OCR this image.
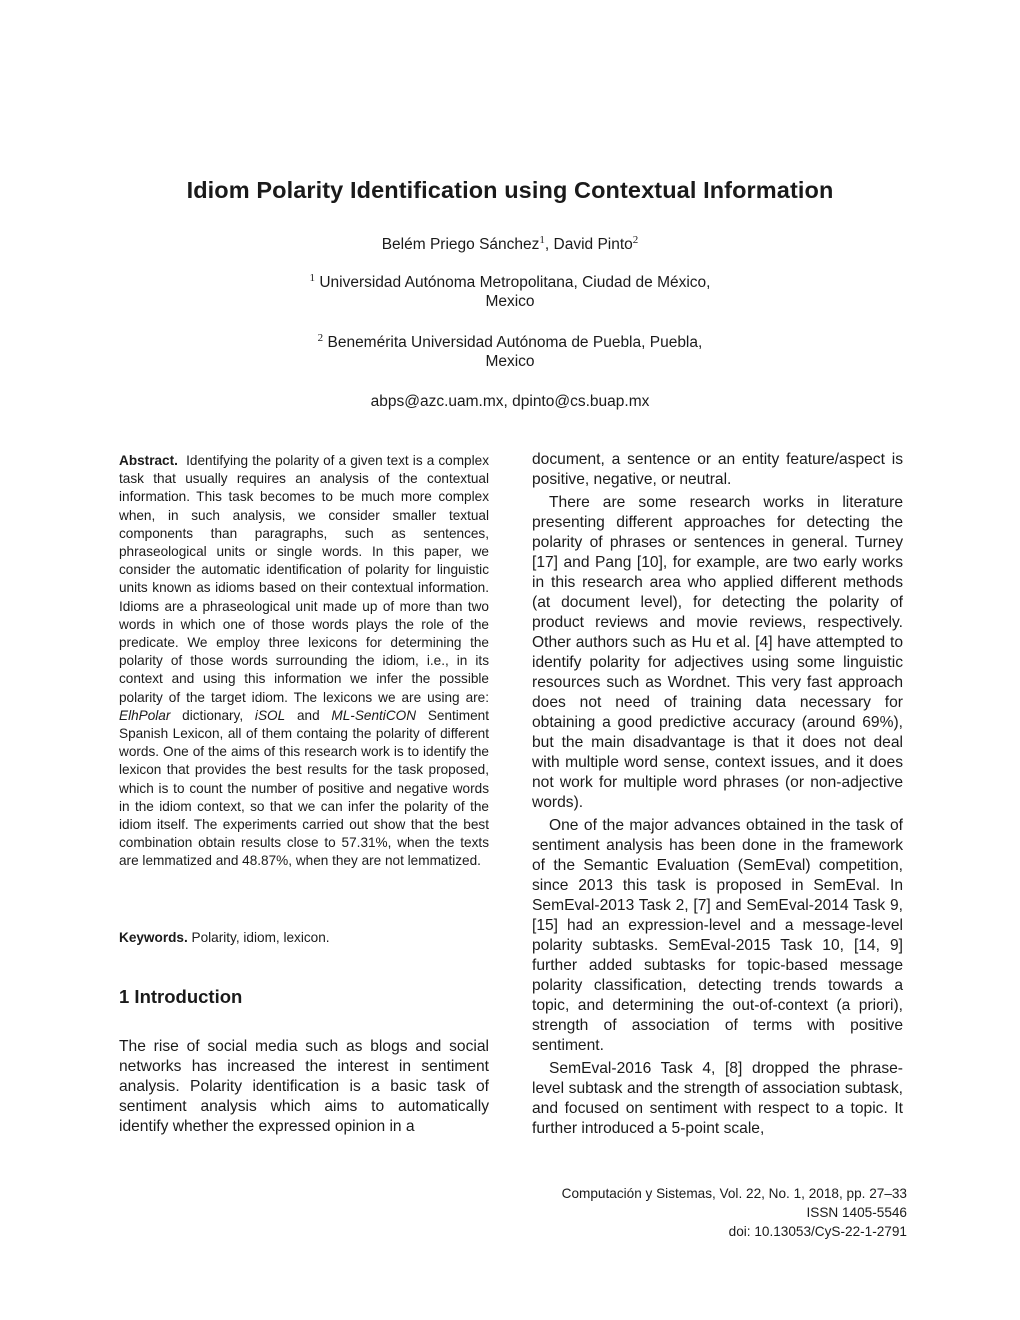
Idiom Polarity Identification using Contextual Information
Belém Priego Sánchez$^1$, David Pinto$^2$
$^1$ Universidad Autónoma Metropolitana, Ciudad de México,
Mexico
$^2$ Benemérita Universidad Autónoma de Puebla, Puebla,
Mexico
abps@azc.uam.mx, dpinto@cs.buap.mx
Abstract. Identifying the polarity of a given text is a complex task that usually requires an analysis of the contextual information. This task becomes to be much more complex when, in such analysis, we consider smaller textual components than paragraphs, such as sentences, phraseological units or single words. In this paper, we consider the automatic identification of polarity for linguistic units known as idioms based on their contextual information. Idioms are a phraseological unit made up of more than two words in which one of those words plays the role of the predicate. We employ three lexicons for determining the polarity of those words surrounding the idiom, i.e., in its context and using this information we infer the possible polarity of the target idiom. The lexicons we are using are: ElhPolar dictionary, iSOL and ML-SentiCON Sentiment Spanish Lexicon, all of them containg the polarity of different words. One of the aims of this research work is to identify the lexicon that provides the best results for the task proposed, which is to count the number of positive and negative words in the idiom context, so that we can infer the polarity of the idiom itself. The experiments carried out show that the best combination obtain results close to 57.31%, when the texts are lemmatized and 48.87%, when they are not lemmatized.
Keywords. Polarity, idiom, lexicon.
1 Introduction

The rise of social media such as blogs and social networks has increased the interest in sentiment analysis. Polarity identification is a basic task of sentiment analysis which aims to automatically identify whether the expressed opinion in a

document, a sentence or an entity feature/aspect is positive, negative, or neutral.

There are some research works in literature presenting different approaches for detecting the polarity of phrases or sentences in general. Turney [17] and Pang [10], for example, are two early works in this research area who applied different methods (at document level), for detecting the polarity of product reviews and movie reviews, respectively. Other authors such as Hu et al. [4] have attempted to identify polarity for adjectives using some linguistic resources such as Wordnet. This very fast approach does not need of training data necessary for obtaining a good predictive accuracy (around 69%), but the main disadvantage is that it does not deal with multiple word sense, context issues, and it does not work for multiple word phrases (or non-adjective words).

One of the major advances obtained in the task of sentiment analysis has been done in the framework of the Semantic Evaluation (SemEval) competition, since 2013 this task is proposed in SemEval. In SemEval-2013 Task 2, [7] and SemEval-2014 Task 9, [15] had an expression-level and a message-level polarity subtasks. SemEval-2015 Task 10, [14, 9] further added subtasks for topic-based message polarity classification, detecting trends towards a topic, and determining the out-of-context (a priori), strength of association of terms with positive sentiment.

SemEval-2016 Task 4, [8] dropped the phrase-level subtask and the strength of association subtask, and focused on sentiment with respect to a topic. It further introduced a 5-point scale,

Computación y Sistemas, Vol. 22, No. 1, 2018, pp. 27–33
ISSN 1405-5546
doi: 10.13053/CyS-22-1-2791
